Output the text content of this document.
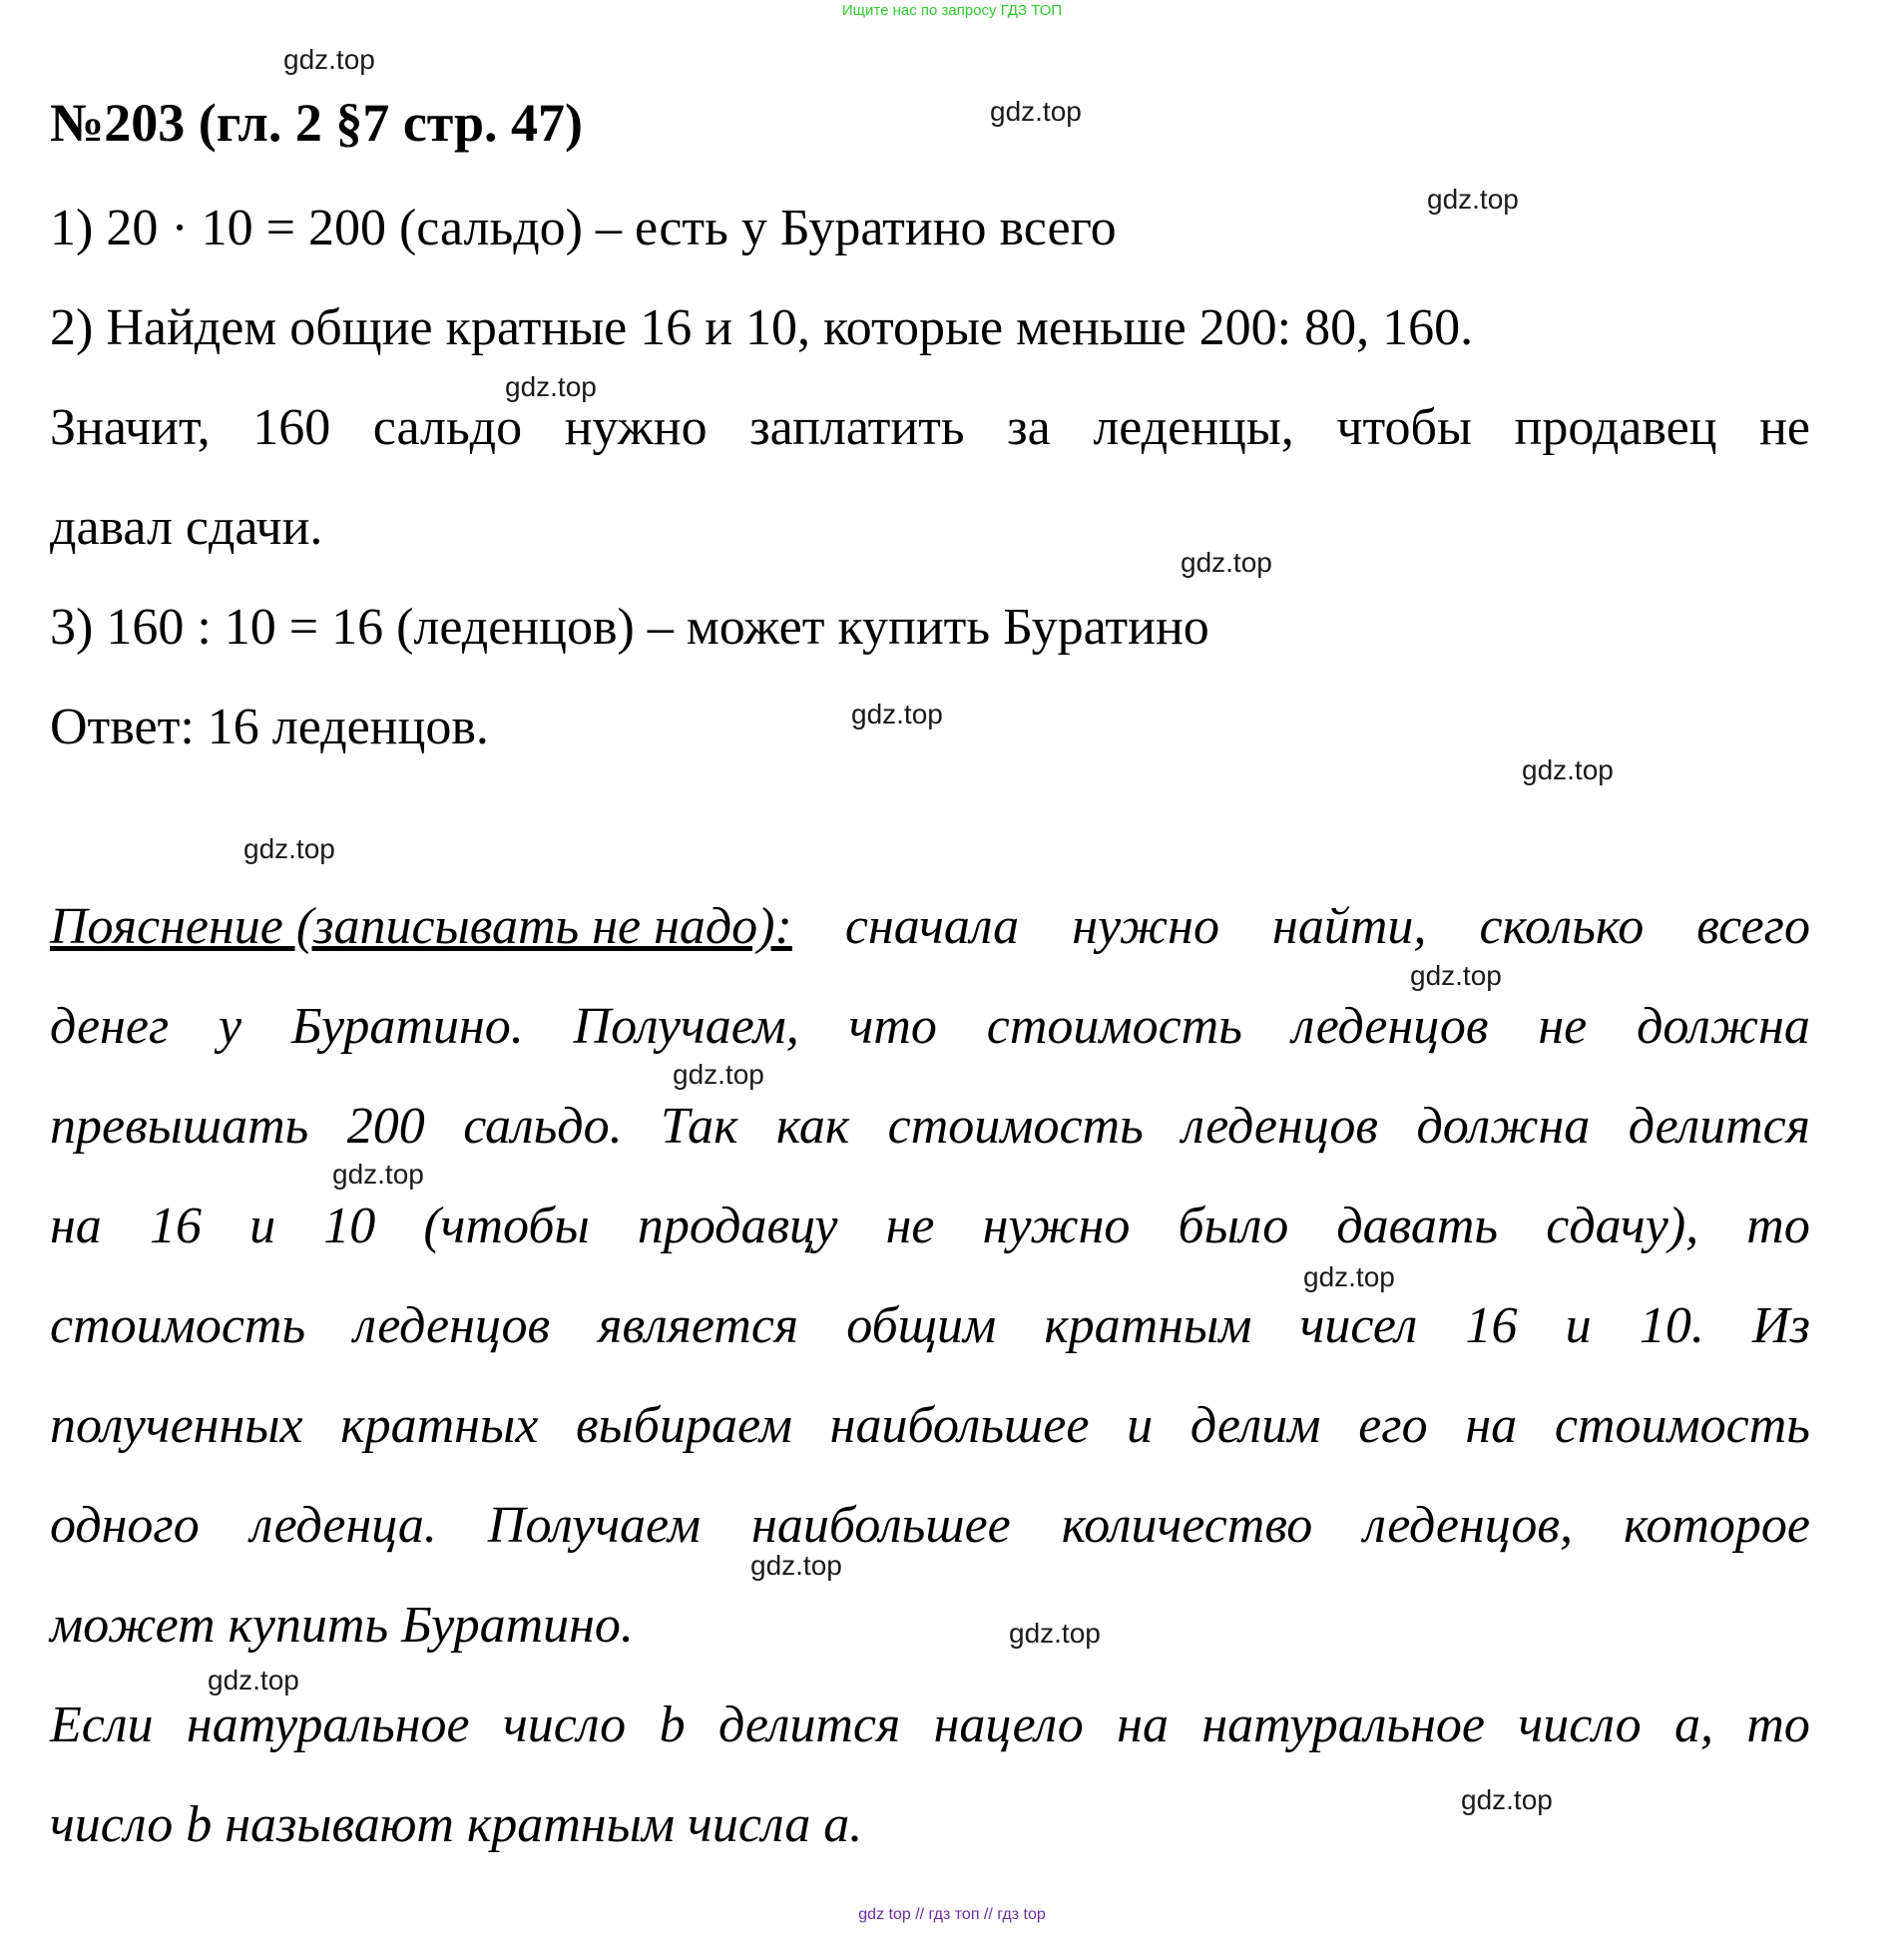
Ищите нас по запросу ГДЗ ТОП
№203 (гл. 2 §7 стр. 47)

1) 20 · 10 = 200 (сальдо) – есть у Буратино всего

2) Найдем общие кратные 16 и 10, которые меньше 200: 80, 160.

Значит, 160 сальдо нужно заплатить за леденцы, чтобы продавец не

давал сдачи.

3) 160 : 10 = 16 (леденцов) – может купить Буратино

Ответ: 16 леденцов.

Пояснение (записывать не надо): сначала нужно найти, сколько всего

денег у Буратино. Получаем, что стоимость леденцов не должна

превышать 200 сальдо. Так как стоимость леденцов должна делится

на 16 и 10 (чтобы продавцу не нужно было давать сдачу), то

стоимость леденцов является общим кратным чисел 16 и 10. Из

полученных кратных выбираем наибольшее и делим его на стоимость

одного леденца. Получаем наибольшее количество леденцов, которое

может купить Буратино.

Если натуральное число b делится нацело на натуральное число a, то

число b называют кратным числа a.

gdz.top
gdz.top
gdz.top
gdz.top
gdz.top
gdz.top
gdz.top
gdz.top
gdz.top
gdz.top
gdz.top
gdz.top
gdz.top
gdz.top
gdz.top
gdz.top
gdz top // гдз топ // гдз top
